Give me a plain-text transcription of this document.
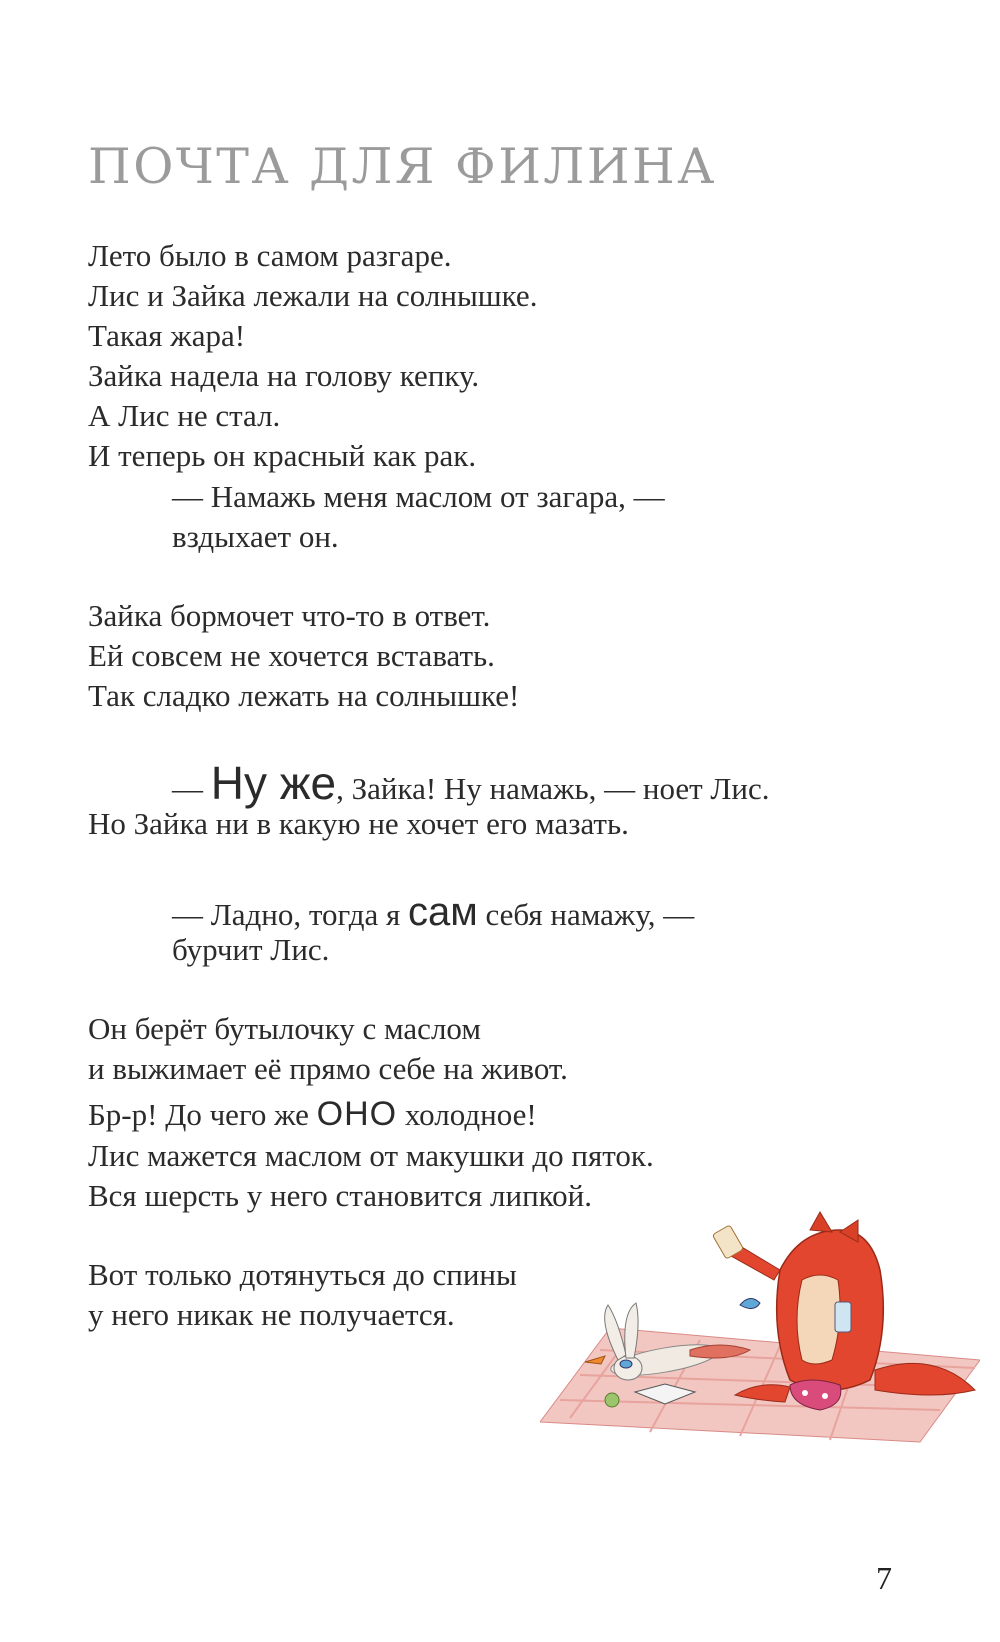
ПОЧТА ДЛЯ ФИЛИНА
Лето было в самом разгаре.
Лис и Зайка лежали на солнышке.
Такая жара!
Зайка надела на голову кепку.
А Лис не стал.
И теперь он красный как рак.
— Намажь меня маслом от загара, —
вздыхает он.
Зайка бормочет что-то в ответ.
Ей совсем не хочется вставать.
Так сладко лежать на солнышке!
— Ну же, Зайка! Ну намажь, — ноет Лис.
Но Зайка ни в какую не хочет его мазать.
— Ладно, тогда я сам себя намажу, —
бурчит Лис.
Он берёт бутылочку с маслом
и выжимает её прямо себе на живот.
Бр-р! До чего же ОНО холодное!
Лис мажется маслом от макушки до пяток.
Вся шерсть у него становится липкой.
Вот только дотянуться до спины
у него никак не получается.
7
